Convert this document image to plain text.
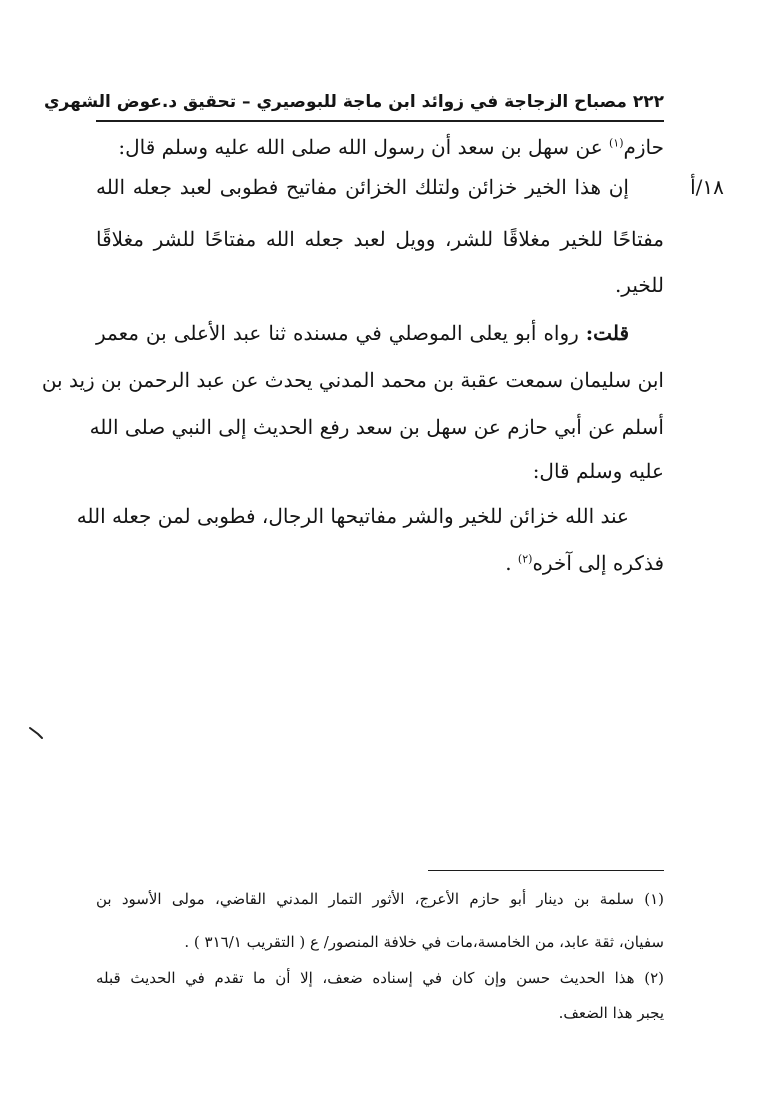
٢٢٢ مصباح الزجاجة في زوائد ابن ماجة للبوصيري – تحقيق د.عوض الشهري
١٨/أ
حازم$^{(١)}$ عن سهل بن سعد أن رسول الله صلى الله عليه وسلم قال:
إن هذا الخير خزائن ولتلك الخزائن مفاتيح فطوبى لعبد جعله الله
مفتاحًا للخير مغلاقًا للشر، وويل لعبد جعله الله مفتاحًا للشر مغلاقًا
للخير.
قلت: رواه أبو يعلى الموصلي في مسنده ثنا عبد الأعلى بن معمر
ابن سليمان سمعت عقبة بن محمد المدني يحدث عن عبد الرحمن بن زيد بن
أسلم عن أبي حازم عن سهل بن سعد رفع الحديث إلى النبي صلى الله
عليه وسلم قال:
عند الله خزائن للخير والشر مفاتيحها الرجال، فطوبى لمن جعله الله
فذكره إلى آخره$^{(٢)}$ .
(١) سلمة بن دينار أبو حازم الأعرج، الأثور التمار المدني القاضي، مولى الأسود بن
سفيان، ثقة عابد، من الخامسة،مات في خلافة المنصور/ ع ( التقريب ٣١٦/١ ) .
(٢) هذا الحديث حسن وإن كان في إسناده ضعف، إلا أن ما تقدم في الحديث قبله
يجبر هذا الضعف.
